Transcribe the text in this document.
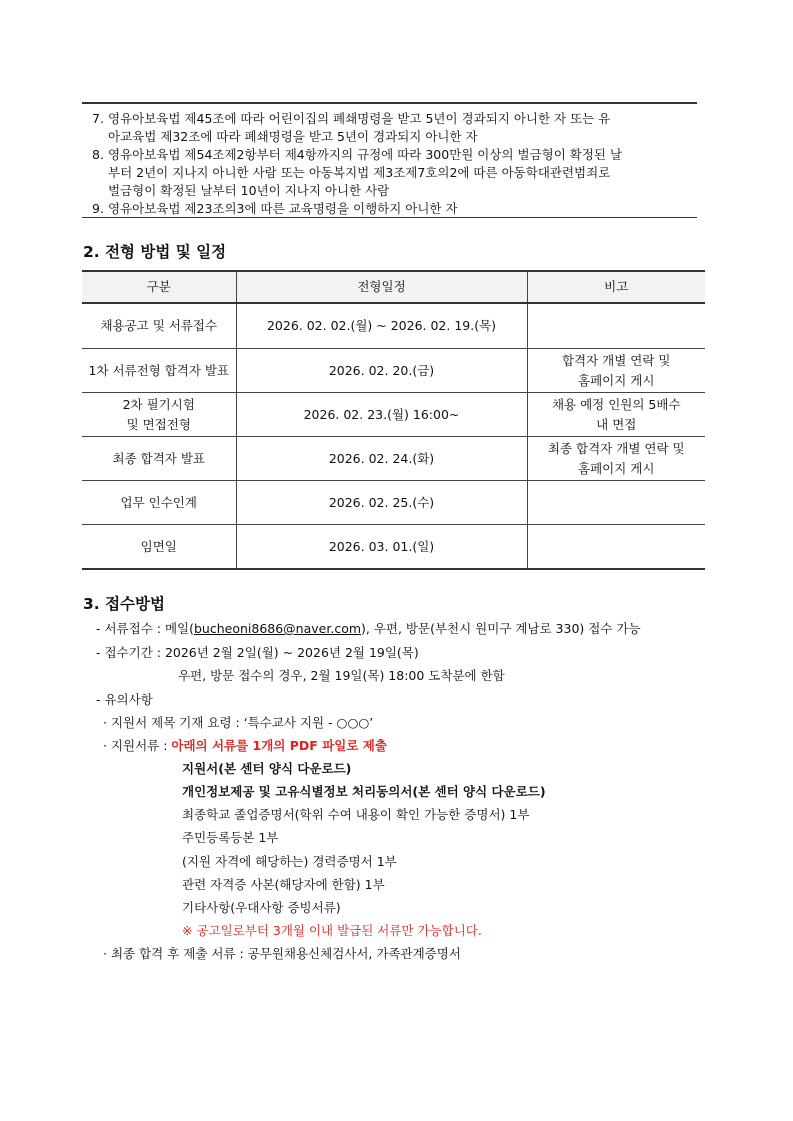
7. 영유아보육법 제45조에 따라 어린이집의 폐쇄명령을 받고 5년이 경과되지 아니한 자 또는 유
아교육법 제32조에 따라 폐쇄명령을 받고 5년이 경과되지 아니한 자
8. 영유아보육법 제54조제2항부터 제4항까지의 규정에 따라 300만원 이상의 벌금형이 확정된 날
부터 2년이 지나지 아니한 사람 또는 아동복지법 제3조제7호의2에 따른 아동학대관련범죄로
벌금형이 확정된 날부터 10년이 지나지 아니한 사람
9. 영유아보육법 제23조의3에 따른 교육명령을 이행하지 아니한 자
2. 전형 방법 및 일정
구분	전형일정	비고

채용공고 및 서류접수	2026. 02. 02.(월) ~ 2026. 02. 19.(목)	

1차 서류전형 합격자 발표	2026. 02. 20.(금)	합격자 개별 연락 및
홈페이지 게시

2차 필기시험
및 면접전형	2026. 02. 23.(월) 16:00~	채용 예정 인원의 5배수
내 면접

최종 합격자 발표	2026. 02. 24.(화)	최종 합격자 개별 연락 및
홈페이지 게시

업무 인수인계	2026. 02. 25.(수)	

임면일	2026. 03. 01.(일)	
3. 접수방법
- 서류접수 : 메일(bucheoni8686@naver.com), 우편, 방문(부천시 원미구 계남로 330) 접수 가능
- 접수기간 : 2026년 2월 2일(월) ~ 2026년 2월 19일(목)
우편, 방문 접수의 경우, 2월 19일(목) 18:00 도착분에 한함
- 유의사항
· 지원서 제목 기재 요령 : ‘특수교사 지원 - ○○○’
· 지원서류 : 아래의 서류를 1개의 PDF 파일로 제출
지원서(본 센터 양식 다운로드)
개인정보제공 및 고유식별정보 처리동의서(본 센터 양식 다운로드)
최종학교 졸업증명서(학위 수여 내용이 확인 가능한 증명서) 1부
주민등록등본 1부
(지원 자격에 해당하는) 경력증명서 1부
관련 자격증 사본(해당자에 한함) 1부
기타사항(우대사항 증빙서류)
※ 공고일로부터 3개월 이내 발급된 서류만 가능합니다.
· 최종 합격 후 제출 서류 : 공무원채용신체검사서, 가족관계증명서
